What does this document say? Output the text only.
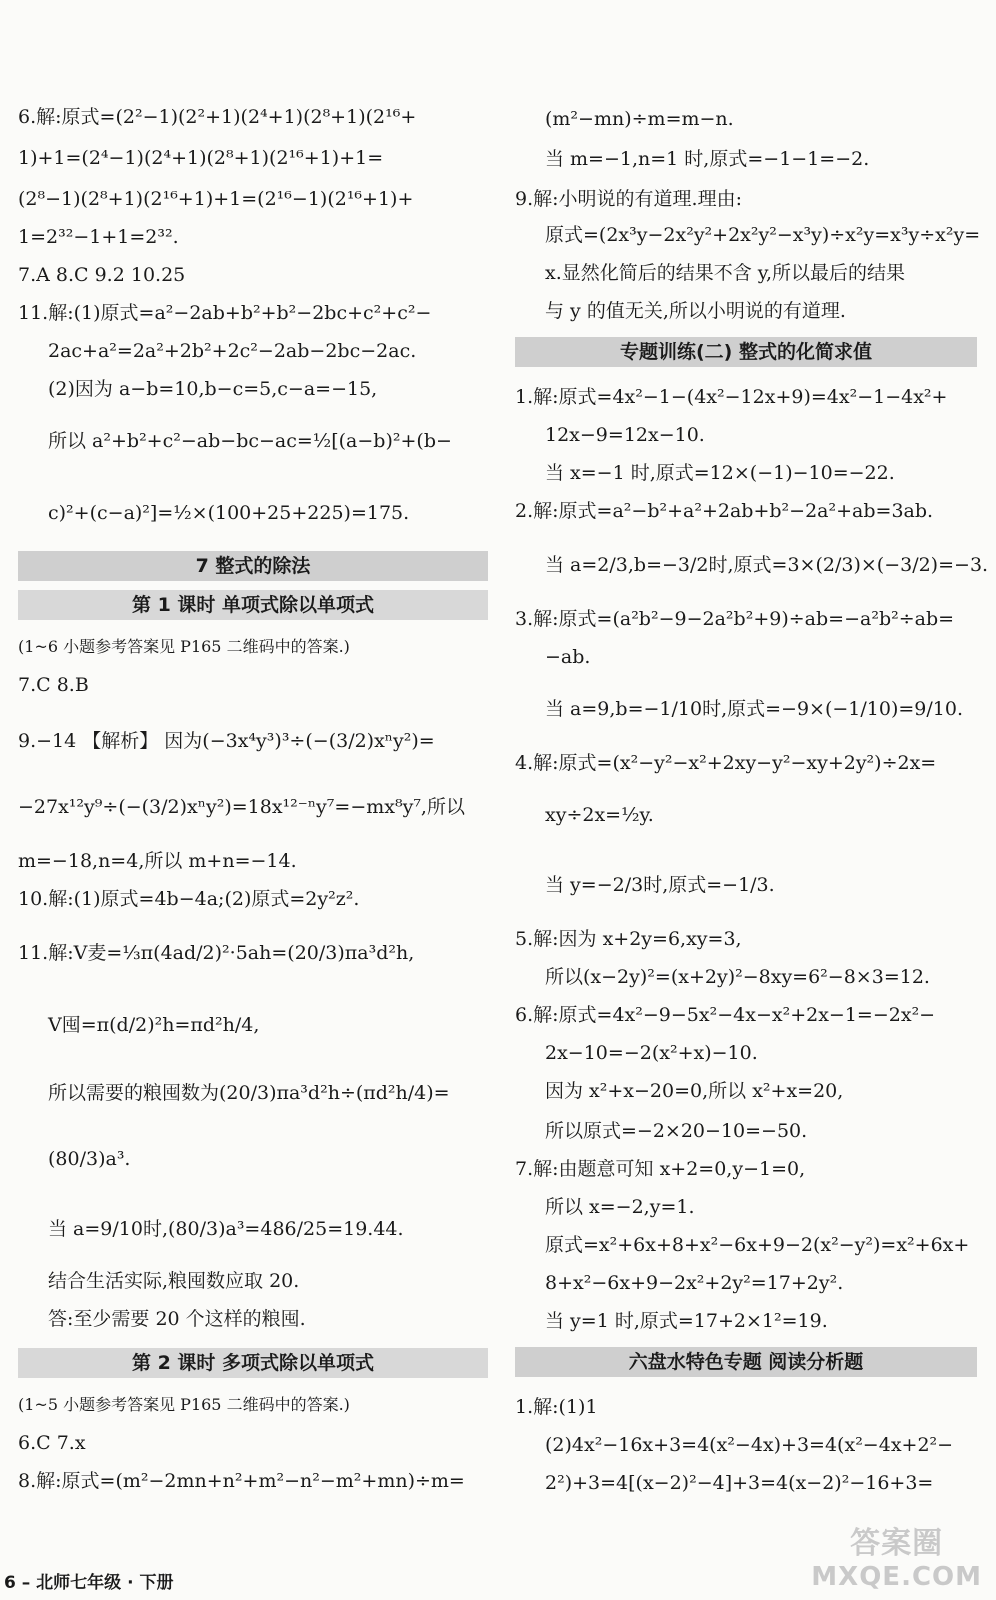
6.解:原式=(2²−1)(2²+1)(2⁴+1)(2⁸+1)(2¹⁶+
1)+1=(2⁴−1)(2⁴+1)(2⁸+1)(2¹⁶+1)+1=
(2⁸−1)(2⁸+1)(2¹⁶+1)+1=(2¹⁶−1)(2¹⁶+1)+
1=2³²−1+1=2³².
7.A 8.C 9.2 10.25
11.解:(1)原式=a²−2ab+b²+b²−2bc+c²+c²−
2ac+a²=2a²+2b²+2c²−2ab−2bc−2ac.
(2)因为 a−b=10,b−c=5,c−a=−15,
所以 a²+b²+c²−ab−bc−ac=½[(a−b)²+(b−
c)²+(c−a)²]=½×(100+25+225)=175.
7 整式的除法
第 1 课时 单项式除以单项式
(1~6 小题参考答案见 P165 二维码中的答案.)
7.C 8.B
9.−14 【解析】 因为(−3x⁴y³)³÷(−(3/2)xⁿy²)=
−27x¹²y⁹÷(−(3/2)xⁿy²)=18x¹²⁻ⁿy⁷=−mx⁸y⁷,所以
m=−18,n=4,所以 m+n=−14.
10.解:(1)原式=4b−4a;(2)原式=2y²z².
11.解:V麦=⅓π(4ad/2)²·5ah=(20/3)πa³d²h,
V囤=π(d/2)²h=πd²h/4,
所以需要的粮囤数为(20/3)πa³d²h÷(πd²h/4)=
(80/3)a³.
当 a=9/10时,(80/3)a³=486/25=19.44.
结合生活实际,粮囤数应取 20.
答:至少需要 20 个这样的粮囤.
第 2 课时 多项式除以单项式
(1~5 小题参考答案见 P165 二维码中的答案.)
6.C 7.x
8.解:原式=(m²−2mn+n²+m²−n²−m²+mn)÷m=
(m²−mn)÷m=m−n.
当 m=−1,n=1 时,原式=−1−1=−2.
9.解:小明说的有道理.理由:
原式=(2x³y−2x²y²+2x²y²−x³y)÷x²y=x³y÷x²y=
x.显然化简后的结果不含 y,所以最后的结果
与 y 的值无关,所以小明说的有道理.
专题训练(二) 整式的化简求值
1.解:原式=4x²−1−(4x²−12x+9)=4x²−1−4x²+
12x−9=12x−10.
当 x=−1 时,原式=12×(−1)−10=−22.
2.解:原式=a²−b²+a²+2ab+b²−2a²+ab=3ab.
当 a=2/3,b=−3/2时,原式=3×(2/3)×(−3/2)=−3.
3.解:原式=(a²b²−9−2a²b²+9)÷ab=−a²b²÷ab=
−ab.
当 a=9,b=−1/10时,原式=−9×(−1/10)=9/10.
4.解:原式=(x²−y²−x²+2xy−y²−xy+2y²)÷2x=
xy÷2x=½y.
当 y=−2/3时,原式=−1/3.
5.解:因为 x+2y=6,xy=3,
所以(x−2y)²=(x+2y)²−8xy=6²−8×3=12.
6.解:原式=4x²−9−5x²−4x−x²+2x−1=−2x²−
2x−10=−2(x²+x)−10.
因为 x²+x−20=0,所以 x²+x=20,
所以原式=−2×20−10=−50.
7.解:由题意可知 x+2=0,y−1=0,
所以 x=−2,y=1.
原式=x²+6x+8+x²−6x+9−2(x²−y²)=x²+6x+
8+x²−6x+9−2x²+2y²=17+2y².
当 y=1 时,原式=17+2×1²=19.
六盘水特色专题 阅读分析题
1.解:(1)1
(2)4x²−16x+3=4(x²−4x)+3=4(x²−4x+2²−
2²)+3=4[(x−2)²−4]+3=4(x−2)²−16+3=
6 – 北师七年级 · 下册
答案圈
MXQE.COM
